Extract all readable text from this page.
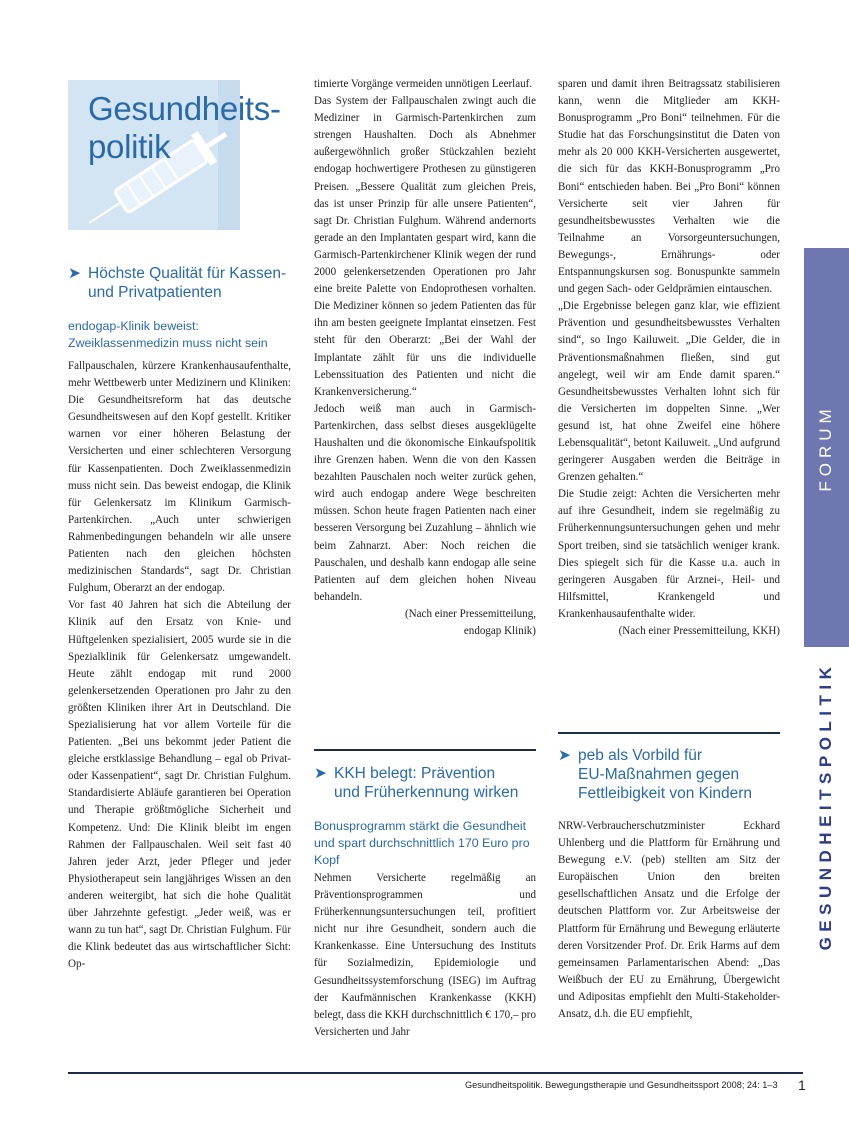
Gesundheits-
politik
FORUM
GESUNDHEITSPOLITIK
➤ Höchste Qualität für Kassen-
und Privatpatienten
endogap-Klinik beweist: Zweiklassenmedizin muss nicht sein

Fallpauschalen, kürzere Krankenhausaufenthalte, mehr Wettbewerb unter Medizinern und Kliniken: Die Gesundheitsreform hat das deutsche Gesundheitswesen auf den Kopf gestellt. Kritiker warnen vor einer höheren Belastung der Versicherten und einer schlechteren Versorgung für Kassenpatienten. Doch Zweiklassenmedizin muss nicht sein. Das beweist endogap, die Klinik für Gelenkersatz im Klinikum Garmisch-Partenkirchen. „Auch unter schwierigen Rahmenbedingungen behandeln wir alle unsere Patienten nach den gleichen höchsten medizinischen Standards“, sagt Dr. Christian Fulghum, Oberarzt an der endogap.

Vor fast 40 Jahren hat sich die Abteilung der Klinik auf den Ersatz von Knie- und Hüftgelenken spezialisiert, 2005 wurde sie in die Spezialklinik für Gelenkersatz umgewandelt. Heute zählt endogap mit rund 2000 gelenkersetzenden Operationen pro Jahr zu den größten Kliniken ihrer Art in Deutschland. Die Spezialisierung hat vor allem Vorteile für die Patienten. „Bei uns bekommt jeder Patient die gleiche erstklassige Behandlung – egal ob Privat- oder Kassenpatient“, sagt Dr. Christian Fulghum. Standardisierte Abläufe garantieren bei Operation und Therapie größtmögliche Sicherheit und Kompetenz. Und: Die Klinik bleibt im engen Rahmen der Fallpauschalen. Weil seit fast 40 Jahren jeder Arzt, jeder Pfleger und jeder Physiotherapeut sein langjähriges Wissen an den anderen weitergibt, hat sich die hohe Qualität über Jahrzehnte gefestigt. „Jeder weiß, was er wann zu tun hat“, sagt Dr. Christian Fulghum. Für die Klink bedeutet das aus wirtschaftlicher Sicht: Op-

timierte Vorgänge vermeiden unnötigen Leerlauf.

Das System der Fallpauschalen zwingt auch die Mediziner in Garmisch-Partenkirchen zum strengen Haushalten. Doch als Abnehmer außergewöhnlich großer Stückzahlen bezieht endogap hochwertigere Prothesen zu günstigeren Preisen. „Bessere Qualität zum gleichen Preis, das ist unser Prinzip für alle unsere Patienten“, sagt Dr. Christian Fulghum. Während andernorts gerade an den Implantaten gespart wird, kann die Garmisch-Partenkirchener Klinik wegen der rund 2000 gelenkersetzenden Operationen pro Jahr eine breite Palette von Endoprothesen vorhalten. Die Mediziner können so jedem Patienten das für ihn am besten geeignete Implantat einsetzen. Fest steht für den Oberarzt: „Bei der Wahl der Implantate zählt für uns die individuelle Lebenssituation des Patienten und nicht die Krankenversicherung.“

Jedoch weiß man auch in Garmisch-Partenkirchen, dass selbst dieses ausgeklügelte Haushalten und die ökonomische Einkaufspolitik ihre Grenzen haben. Wenn die von den Kassen bezahlten Pauschalen noch weiter zurück gehen, wird auch endogap andere Wege beschreiten müssen. Schon heute fragen Patienten nach einer besseren Versorgung bei Zuzahlung – ähnlich wie beim Zahnarzt. Aber: Noch reichen die Pauschalen, und deshalb kann endogap alle seine Patienten auf dem gleichen hohen Niveau behandeln.

(Nach einer Pressemitteilung,
endogap Klinik)

➤ KKH belegt: Prävention
und Früherkennung wirken
Bonusprogramm stärkt die Gesundheit und spart durchschnittlich 170 Euro pro Kopf

Nehmen Versicherte regelmäßig an Präventionsprogrammen und Früherkennungsuntersuchungen teil, profitiert nicht nur ihre Gesundheit, sondern auch die Krankenkasse. Eine Untersuchung des Instituts für Sozialmedizin, Epidemiologie und Gesundheitssystemforschung (ISEG) im Auftrag der Kaufmännischen Krankenkasse (KKH) belegt, dass die KKH durchschnittlich € 170,– pro Versicherten und Jahr

sparen und damit ihren Beitragssatz stabilisieren kann, wenn die Mitglieder am KKH-Bonusprogramm „Pro Boni“ teilnehmen. Für die Studie hat das Forschungsinstitut die Daten von mehr als 20 000 KKH-Versicherten ausgewertet, die sich für das KKH-Bonusprogramm „Pro Boni“ entschieden haben. Bei „Pro Boni“ können Versicherte seit vier Jahren für gesundheitsbewusstes Verhalten wie die Teilnahme an Vorsorgeuntersuchungen, Bewegungs-, Ernährungs- oder Entspannungskursen sog. Bonuspunkte sammeln und gegen Sach- oder Geldprämien eintauschen.

„Die Ergebnisse belegen ganz klar, wie effizient Prävention und gesundheitsbewusstes Verhalten sind“, so Ingo Kailuweit. „Die Gelder, die in Präventionsmaßnahmen fließen, sind gut angelegt, weil wir am Ende damit sparen.“ Gesundheitsbewusstes Verhalten lohnt sich für die Versicherten im doppelten Sinne. „Wer gesund ist, hat ohne Zweifel eine höhere Lebensqualität“, betont Kailuweit. „Und aufgrund geringerer Ausgaben werden die Beiträge in Grenzen gehalten.“

Die Studie zeigt: Achten die Versicherten mehr auf ihre Gesundheit, indem sie regelmäßig zu Früherkennungsuntersuchungen gehen und mehr Sport treiben, sind sie tatsächlich weniger krank. Dies spiegelt sich für die Kasse u.a. auch in geringeren Ausgaben für Arznei-, Heil- und Hilfsmittel, Krankengeld und Krankenhausaufenthalte wider.

(Nach einer Pressemitteilung, KKH)

➤ peb als Vorbild für
EU-Maßnahmen gegen
Fettleibigkeit von Kindern

NRW-Verbraucherschutzminister Eckhard Uhlenberg und die Plattform für Ernährung und Bewegung e.V. (peb) stellten am Sitz der Europäischen Union den breiten gesellschaftlichen Ansatz und die Erfolge der deutschen Plattform vor. Zur Arbeitsweise der Plattform für Ernährung und Bewegung erläuterte deren Vorsitzender Prof. Dr. Erik Harms auf dem gemeinsamen Parlamentarischen Abend: „Das Weißbuch der EU zu Ernährung, Übergewicht und Adipositas empfiehlt den Multi-Stakeholder-Ansatz, d.h. die EU empfiehlt,

Gesundheitspolitik. Bewegungstherapie und Gesundheitssport 2008; 24: 1–3 1
